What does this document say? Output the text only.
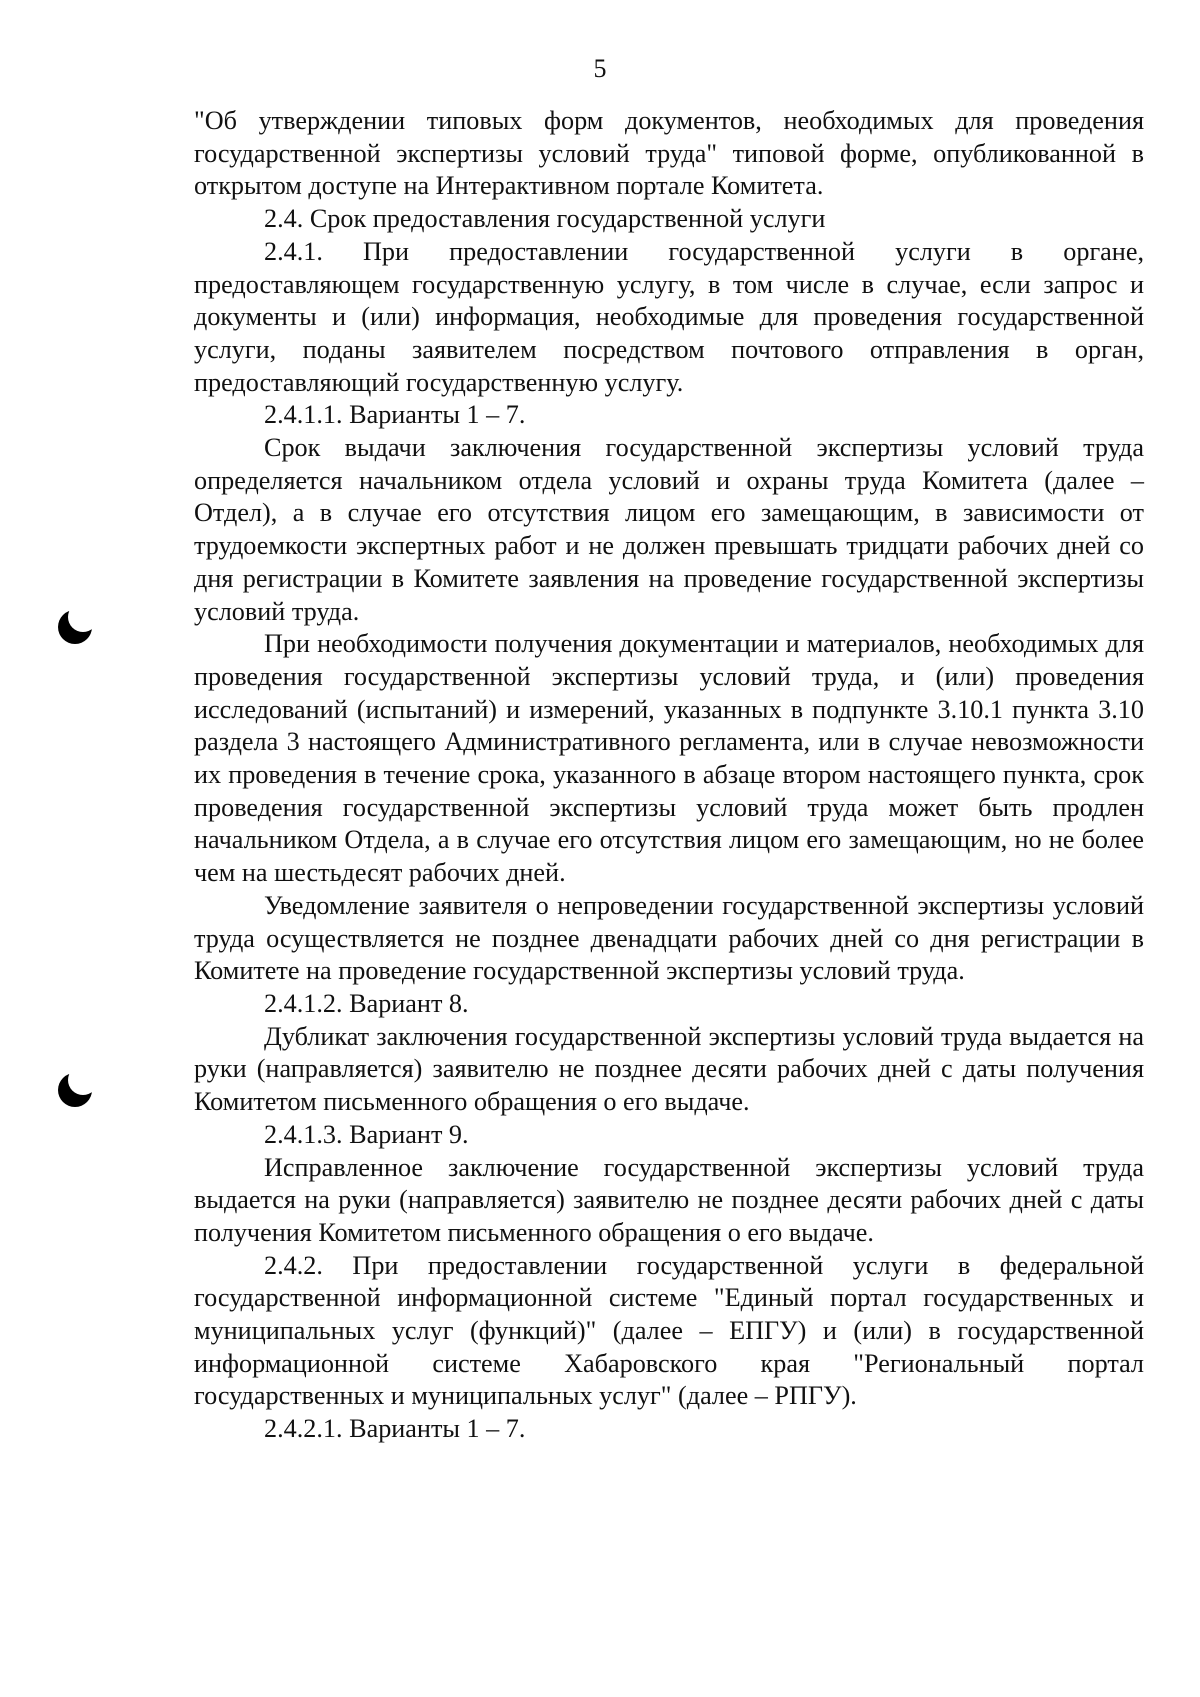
5

"Об утверждении типовых форм документов, необходимых для проведения государственной экспертизы условий труда" типовой форме, опубликованной в открытом доступе на Интерактивном портале Комитета.

2.4. Срок предоставления государственной услуги

2.4.1. При предоставлении государственной услуги в органе, предоставляющем государственную услугу, в том числе в случае, если запрос и документы и (или) информация, необходимые для проведения государственной услуги, поданы заявителем посредством почтового отправления в орган, предоставляющий государственную услугу.

2.4.1.1. Варианты 1 – 7.

Срок выдачи заключения государственной экспертизы условий труда определяется начальником отдела условий и охраны труда Комитета (далее – Отдел), а в случае его отсутствия лицом его замещающим, в зависимости от трудоемкости экспертных работ и не должен превышать тридцати рабочих дней со дня регистрации в Комитете заявления на проведение государственной экспертизы условий труда.

При необходимости получения документации и материалов, необходимых для проведения государственной экспертизы условий труда, и (или) проведения исследований (испытаний) и измерений, указанных в подпункте 3.10.1 пункта 3.10 раздела 3 настоящего Административного регламента, или в случае невозможности их проведения в течение срока, указанного в абзаце втором настоящего пункта, срок проведения государственной экспертизы условий труда может быть продлен начальником Отдела, а в случае его отсутствия лицом его замещающим, но не более чем на шестьдесят рабочих дней.

Уведомление заявителя о непроведении государственной экспертизы условий труда осуществляется не позднее двенадцати рабочих дней со дня регистрации в Комитете на проведение государственной экспертизы условий труда.

2.4.1.2. Вариант 8.

Дубликат заключения государственной экспертизы условий труда выдается на руки (направляется) заявителю не позднее десяти рабочих дней с даты получения Комитетом письменного обращения о его выдаче.

2.4.1.3. Вариант 9.

Исправленное заключение государственной экспертизы условий труда выдается на руки (направляется) заявителю не позднее десяти рабочих дней с даты получения Комитетом письменного обращения о его выдаче.

2.4.2. При предоставлении государственной услуги в федеральной государственной информационной системе "Единый портал государственных и муниципальных услуг (функций)" (далее – ЕПГУ) и (или) в государственной информационной системе Хабаровского края "Региональный портал государственных и муниципальных услуг" (далее – РПГУ).

2.4.2.1. Варианты 1 – 7.
